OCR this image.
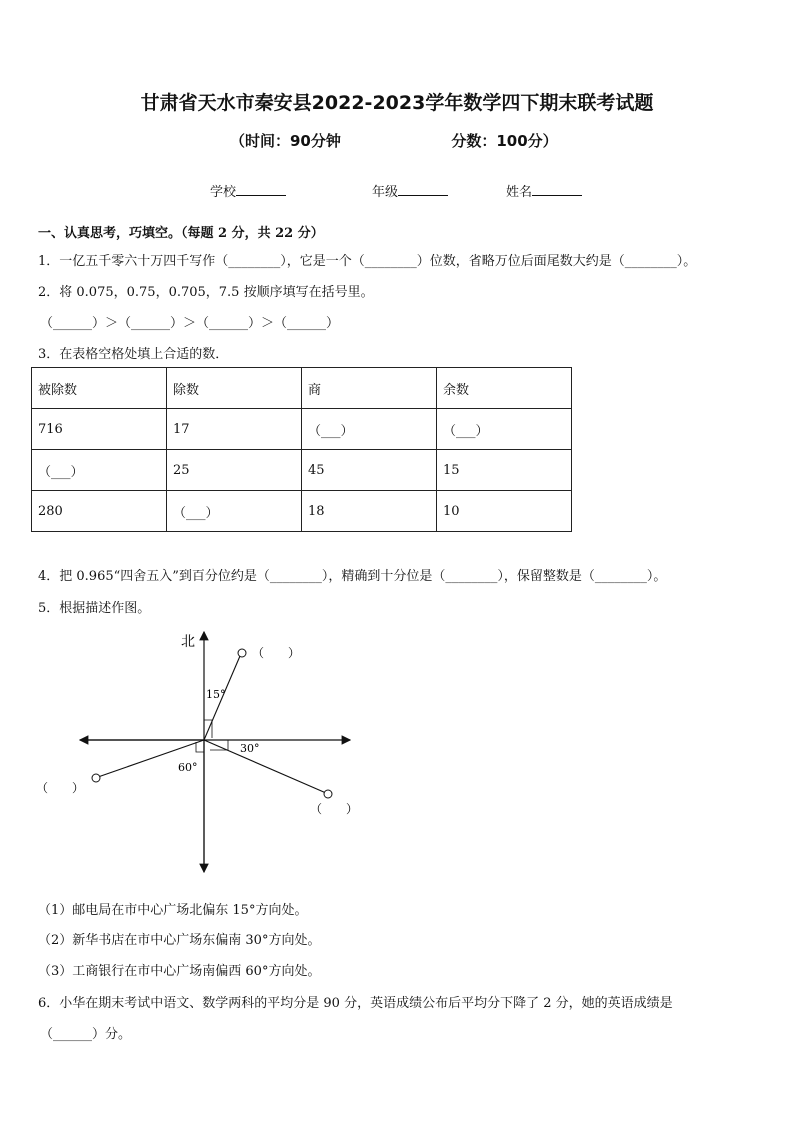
甘肃省天水市秦安县2022-2023学年数学四下期末联考试题
（时间：90分钟	分数：100分）
学校	年级	姓名
一、认真思考，巧填空。（每题 2 分，共 22 分）
1．一亿五千零六十万四千写作（________），它是一个（________）位数，省略万位后面尾数大约是（________）。
2．将 0.075，0.75，0.705，7.5 按顺序填写在括号里。
（______）＞（______）＞（______）＞（______）
3．在表格空格处填上合适的数．
被除数	除数	商	余数
716	17	（___）	（___）
（___）	25	45	15
280	（___）	18	10
4．把 0.965“四舍五入”到百分位约是（________），精确到十分位是（________），保留整数是（________）。
5．根据描述作图。
北
（　　）
15°
（　　）
30°
（　　）
60°
（1）邮电局在市中心广场北偏东 15°方向处。
（2）新华书店在市中心广场东偏南 30°方向处。
（3）工商银行在市中心广场南偏西 60°方向处。
6．小华在期末考试中语文、数学两科的平均分是 90 分，英语成绩公布后平均分下降了 2 分，她的英语成绩是
（______）分。
